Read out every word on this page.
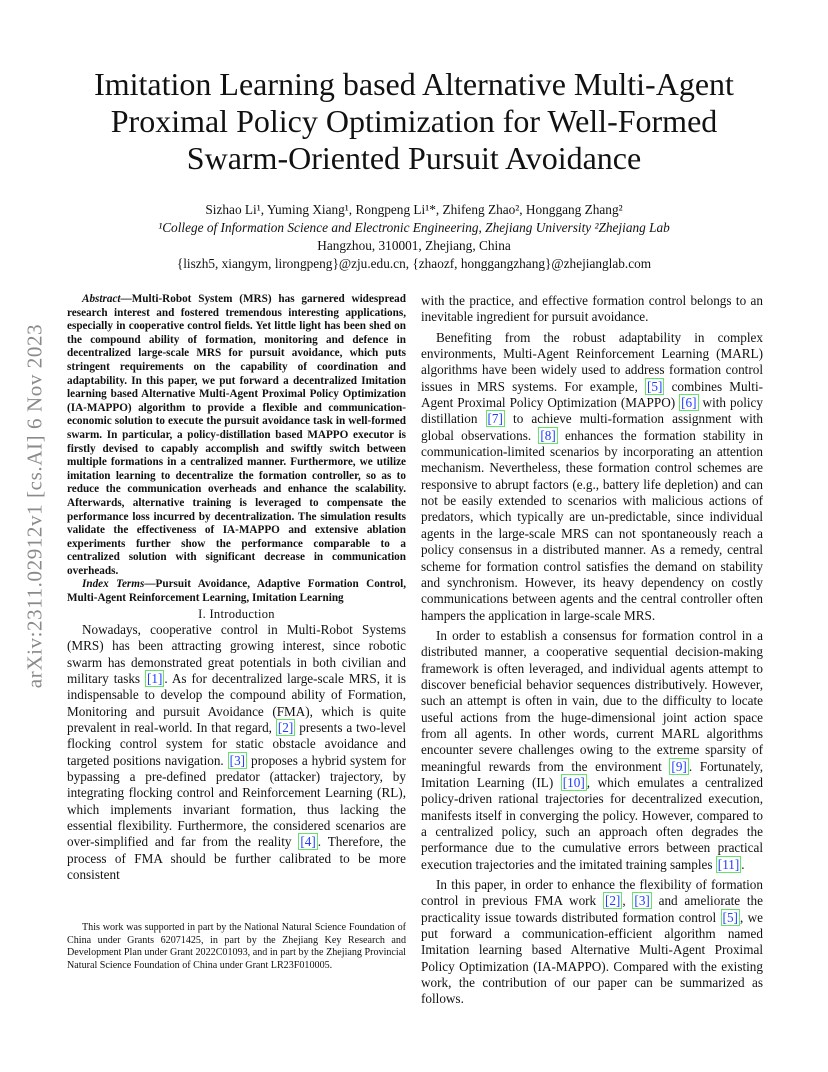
arXiv:2311.02912v1 [cs.AI] 6 Nov 2023
Imitation Learning based Alternative Multi-Agent Proximal Policy Optimization for Well-Formed Swarm-Oriented Pursuit Avoidance
Sizhao Li¹, Yuming Xiang¹, Rongpeng Li¹*, Zhifeng Zhao², Honggang Zhang²
¹College of Information Science and Electronic Engineering, Zhejiang University ²Zhejiang Lab
Hangzhou, 310001, Zhejiang, China
{liszh5, xiangym, lirongpeng}@zju.edu.cn, {zhaozf, honggangzhang}@zhejianglab.com

Abstract—Multi-Robot System (MRS) has garnered widespread research interest and fostered tremendous interesting applications, especially in cooperative control fields. Yet little light has been shed on the compound ability of formation, monitoring and defence in decentralized large-scale MRS for pursuit avoidance, which puts stringent requirements on the capability of coordination and adaptability. In this paper, we put forward a decentralized Imitation learning based Alternative Multi-Agent Proximal Policy Optimization (IA-MAPPO) algorithm to provide a flexible and communication-economic solution to execute the pursuit avoidance task in well-formed swarm. In particular, a policy-distillation based MAPPO executor is firstly devised to capably accomplish and swiftly switch between multiple formations in a centralized manner. Furthermore, we utilize imitation learning to decentralize the formation controller, so as to reduce the communication overheads and enhance the scalability. Afterwards, alternative training is leveraged to compensate the performance loss incurred by decentralization. The simulation results validate the effectiveness of IA-MAPPO and extensive ablation experiments further show the performance comparable to a centralized solution with significant decrease in communication overheads.

Index Terms—Pursuit Avoidance, Adaptive Formation Control, Multi-Agent Reinforcement Learning, Imitation Learning

I. Introduction

Nowadays, cooperative control in Multi-Robot Systems (MRS) has been attracting growing interest, since robotic swarm has demonstrated great potentials in both civilian and military tasks [1] . As for decentralized large-scale MRS, it is indispensable to develop the compound ability of Formation, Monitoring and pursuit Avoidance (FMA), which is quite prevalent in real-world. In that regard, [2] presents a two-level flocking control system for static obstacle avoidance and targeted positions navigation. [3] proposes a hybrid system for bypassing a pre-defined predator (attacker) trajectory, by integrating flocking control and Reinforcement Learning (RL), which implements invariant formation, thus lacking the essential flexibility. Furthermore, the considered scenarios are over-simplified and far from the reality [4] . Therefore, the process of FMA should be further calibrated to be more consistent

This work was supported in part by the National Natural Science Foundation of China under Grants 62071425, in part by the Zhejiang Key Research and Development Plan under Grant 2022C01093, and in part by the Zhejiang Provincial Natural Science Foundation of China under Grant LR23F010005.

with the practice, and effective formation control belongs to an inevitable ingredient for pursuit avoidance.

Benefiting from the robust adaptability in complex environments, Multi-Agent Reinforcement Learning (MARL) algorithms have been widely used to address formation control issues in MRS systems. For example, [5] combines Multi-Agent Proximal Policy Optimization (MAPPO) [6] with policy distillation [7] to achieve multi-formation assignment with global observations. [8] enhances the formation stability in communication-limited scenarios by incorporating an attention mechanism. Nevertheless, these formation control schemes are responsive to abrupt factors (e.g., battery life depletion) and can not be easily extended to scenarios with malicious actions of predators, which typically are un-predictable, since individual agents in the large-scale MRS can not spontaneously reach a policy consensus in a distributed manner. As a remedy, central scheme for formation control satisfies the demand on stability and synchronism. However, its heavy dependency on costly communications between agents and the central controller often hampers the application in large-scale MRS.

In order to establish a consensus for formation control in a distributed manner, a cooperative sequential decision-making framework is often leveraged, and individual agents attempt to discover beneficial behavior sequences distributively. However, such an attempt is often in vain, due to the difficulty to locate useful actions from the huge-dimensional joint action space from all agents. In other words, current MARL algorithms encounter severe challenges owing to the extreme sparsity of meaningful rewards from the environment [9] . Fortunately, Imitation Learning (IL) [10] , which emulates a centralized policy-driven rational trajectories for decentralized execution, manifests itself in converging the policy. However, compared to a centralized policy, such an approach often degrades the performance due to the cumulative errors between practical execution trajectories and the imitated training samples [11] .

In this paper, in order to enhance the flexibility of formation control in previous FMA work [2] , [3] and ameliorate the practicality issue towards distributed formation control [5] , we put forward a communication-efficient algorithm named Imitation learning based Alternative Multi-Agent Proximal Policy Optimization (IA-MAPPO). Compared with the existing work, the contribution of our paper can be summarized as follows.
